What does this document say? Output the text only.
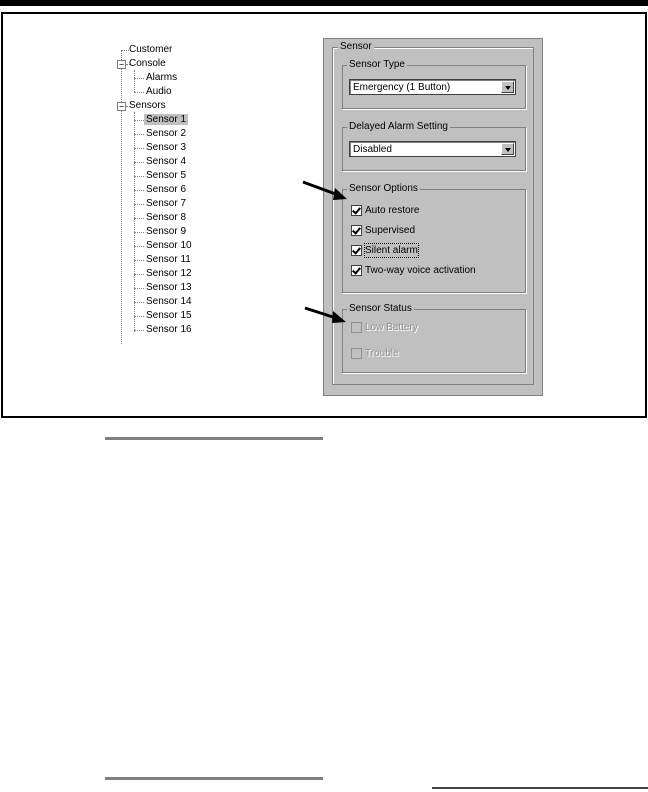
−
−
Customer
Console
Alarms
Audio
Sensors
Sensor 1
Sensor 2
Sensor 3
Sensor 4
Sensor 5
Sensor 6
Sensor 7
Sensor 8
Sensor 9
Sensor 10
Sensor 11
Sensor 12
Sensor 13
Sensor 14
Sensor 15
Sensor 16
Sensor
Sensor Type
Emergency (1 Button)
Delayed Alarm Setting
Disabled
Sensor Options
Auto restore
Supervised
Silent alarm
Two-way voice activation
Sensor Status
Low Battery
Trouble
